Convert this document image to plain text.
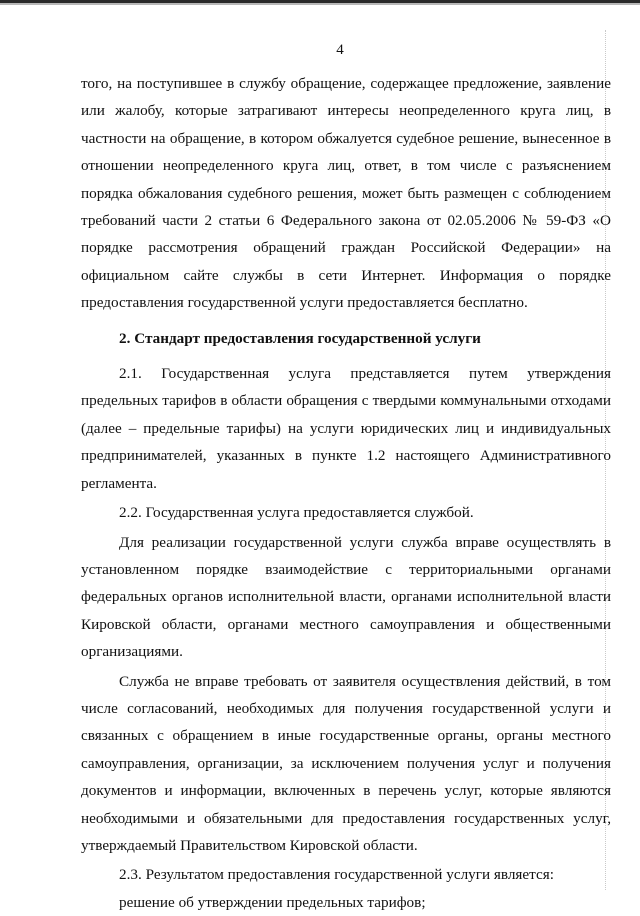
4

того, на поступившее в службу обращение, содержащее предложение, заявление или жалобу, которые затрагивают интересы неопределенного круга лиц, в частности на обращение, в котором обжалуется судебное решение, вынесенное в отношении неопределенного круга лиц, ответ, в том числе с разъяснением порядка обжалования судебного решения, может быть размещен с соблюдением требований части 2 статьи 6 Федерального закона от 02.05.2006 № 59-ФЗ «О порядке рассмотрения обращений граждан Российской Федерации» на официальном сайте службы в сети Интернет. Информация о порядке предоставления государственной услуги предоставляется бесплатно.

2. Стандарт предоставления государственной услуги

2.1. Государственная услуга представляется путем утверждения предельных тарифов в области обращения с твердыми коммунальными отходами (далее – предельные тарифы) на услуги юридических лиц и индивидуальных предпринимателей, указанных в пункте 1.2 настоящего Административного регламента.

2.2. Государственная услуга предоставляется службой.

Для реализации государственной услуги служба вправе осуществлять в установленном порядке взаимодействие с территориальными органами федеральных органов исполнительной власти, органами исполнительной власти Кировской области, органами местного самоуправления и общественными организациями.

Служба не вправе требовать от заявителя осуществления действий, в том числе согласований, необходимых для получения государственной услуги и связанных с обращением в иные государственные органы, органы местного самоуправления, организации, за исключением получения услуг и получения документов и информации, включенных в перечень услуг, которые являются необходимыми и обязательными для предоставления государственных услуг, утверждаемый Правительством Кировской области.

2.3. Результатом предоставления государственной услуги является:

решение об утверждении предельных тарифов;
